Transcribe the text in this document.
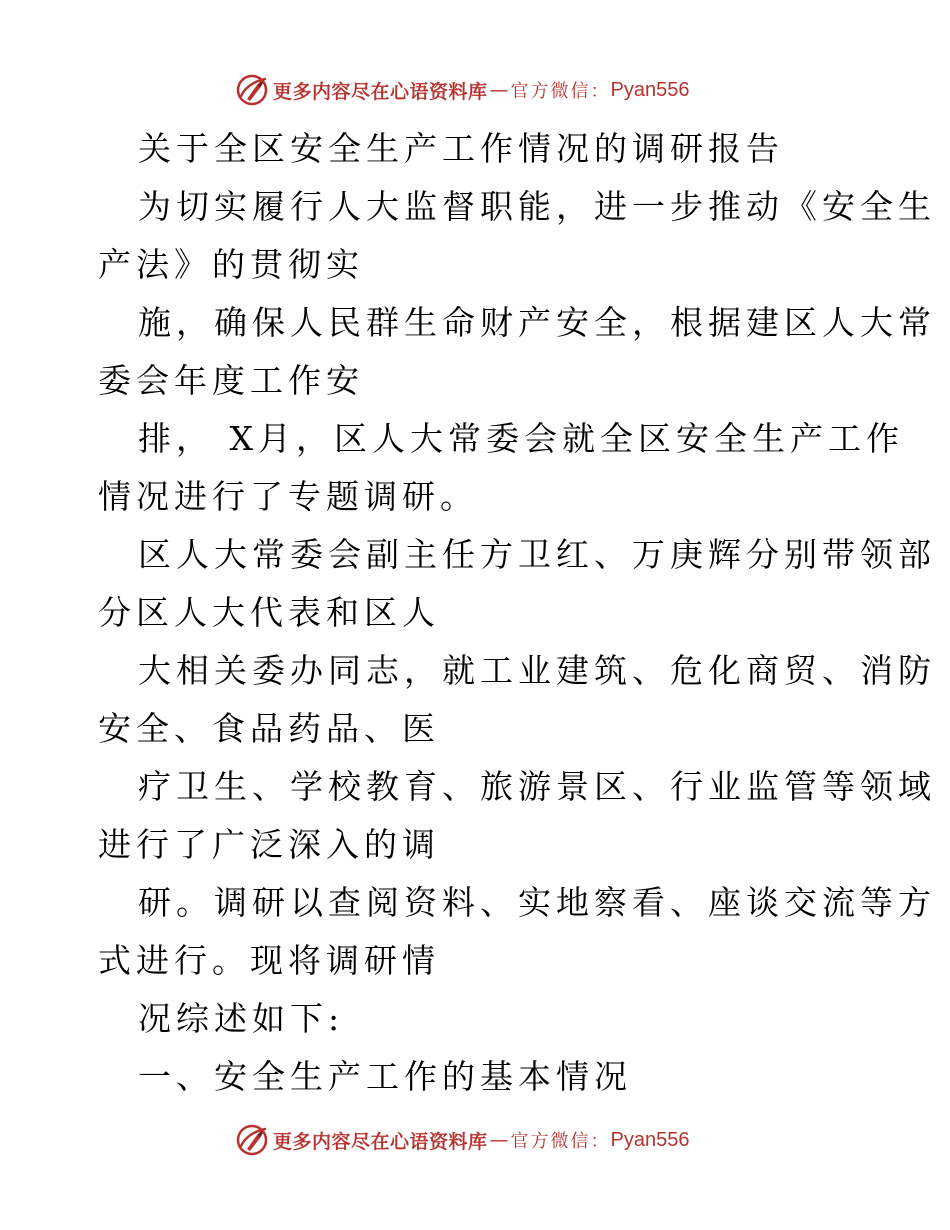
更多内容尽在心语资料库 — 官方微信： Pyan556
关于全区安全生产工作情况的调研报告
为切实履行人大监督职能，进一步推动《安全生
产法》的贯彻实
施，确保人民群生命财产安全，根据建区人大常
委会年度工作安
排， X月，区人大常委会就全区安全生产工作
情况进行了专题调研。
区人大常委会副主任方卫红、万庚辉分别带领部
分区人大代表和区人
大相关委办同志，就工业建筑、危化商贸、消防
安全、食品药品、医
疗卫生、学校教育、旅游景区、行业监管等领域
进行了广泛深入的调
研。调研以查阅资料、实地察看、座谈交流等方
式进行。现将调研情
况综述如下:
一、安全生产工作的基本情况
更多内容尽在心语资料库 — 官方微信： Pyan556
